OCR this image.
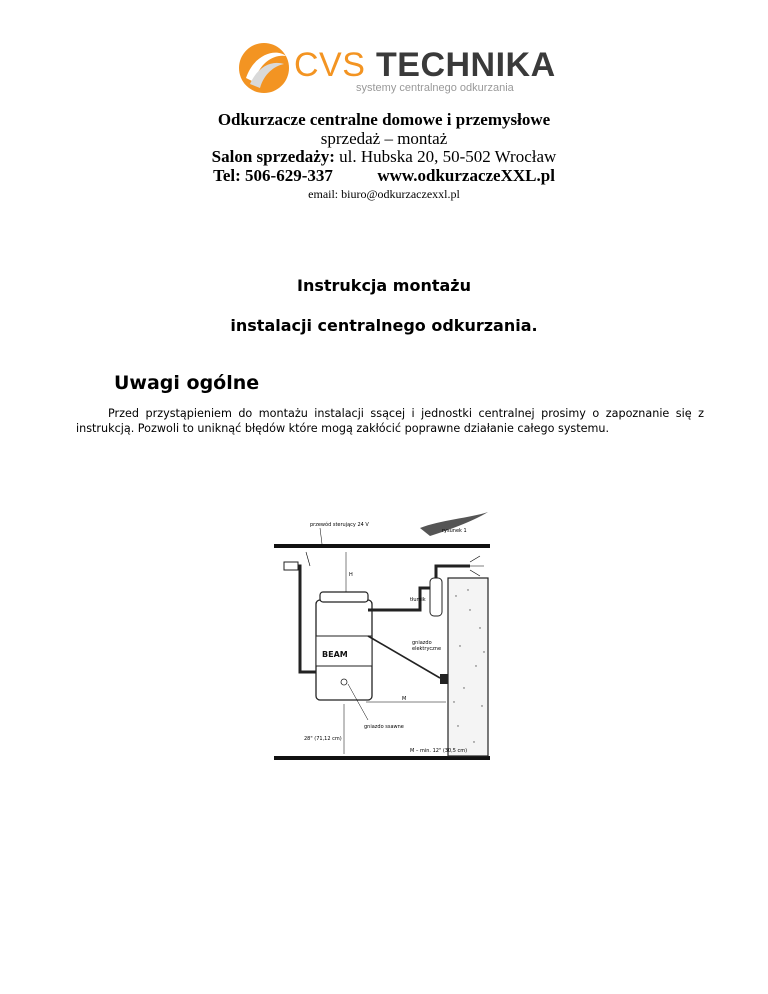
CVS TECHNIKA
systemy centralnego odkurzania
Odkurzacze centralne domowe i przemysłowe
sprzedaż – montaż
Salon sprzedaży: ul. Hubska 20, 50-502 Wrocław
Tel: 506-629-337	www.odkurzaczeXXL.pl
email: biuro@odkurzaczexxl.pl
Instrukcja montażu
instalacji centralnego odkurzania.
Uwagi ogólne
Przed przystąpieniem do montażu instalacji ssącej i jednostki centralnej prosimy o zapoznanie się z instrukcją. Pozwoli to uniknąć błędów które mogą zakłócić poprawne działanie całego systemu.
rysunek 1
przewód sterujący 24 V
BEAM
tłumik
gniazdo
elektryczne
H
M
gniazdo ssawne
28" (71,12 cm)
M – min. 12" (30,5 cm)
